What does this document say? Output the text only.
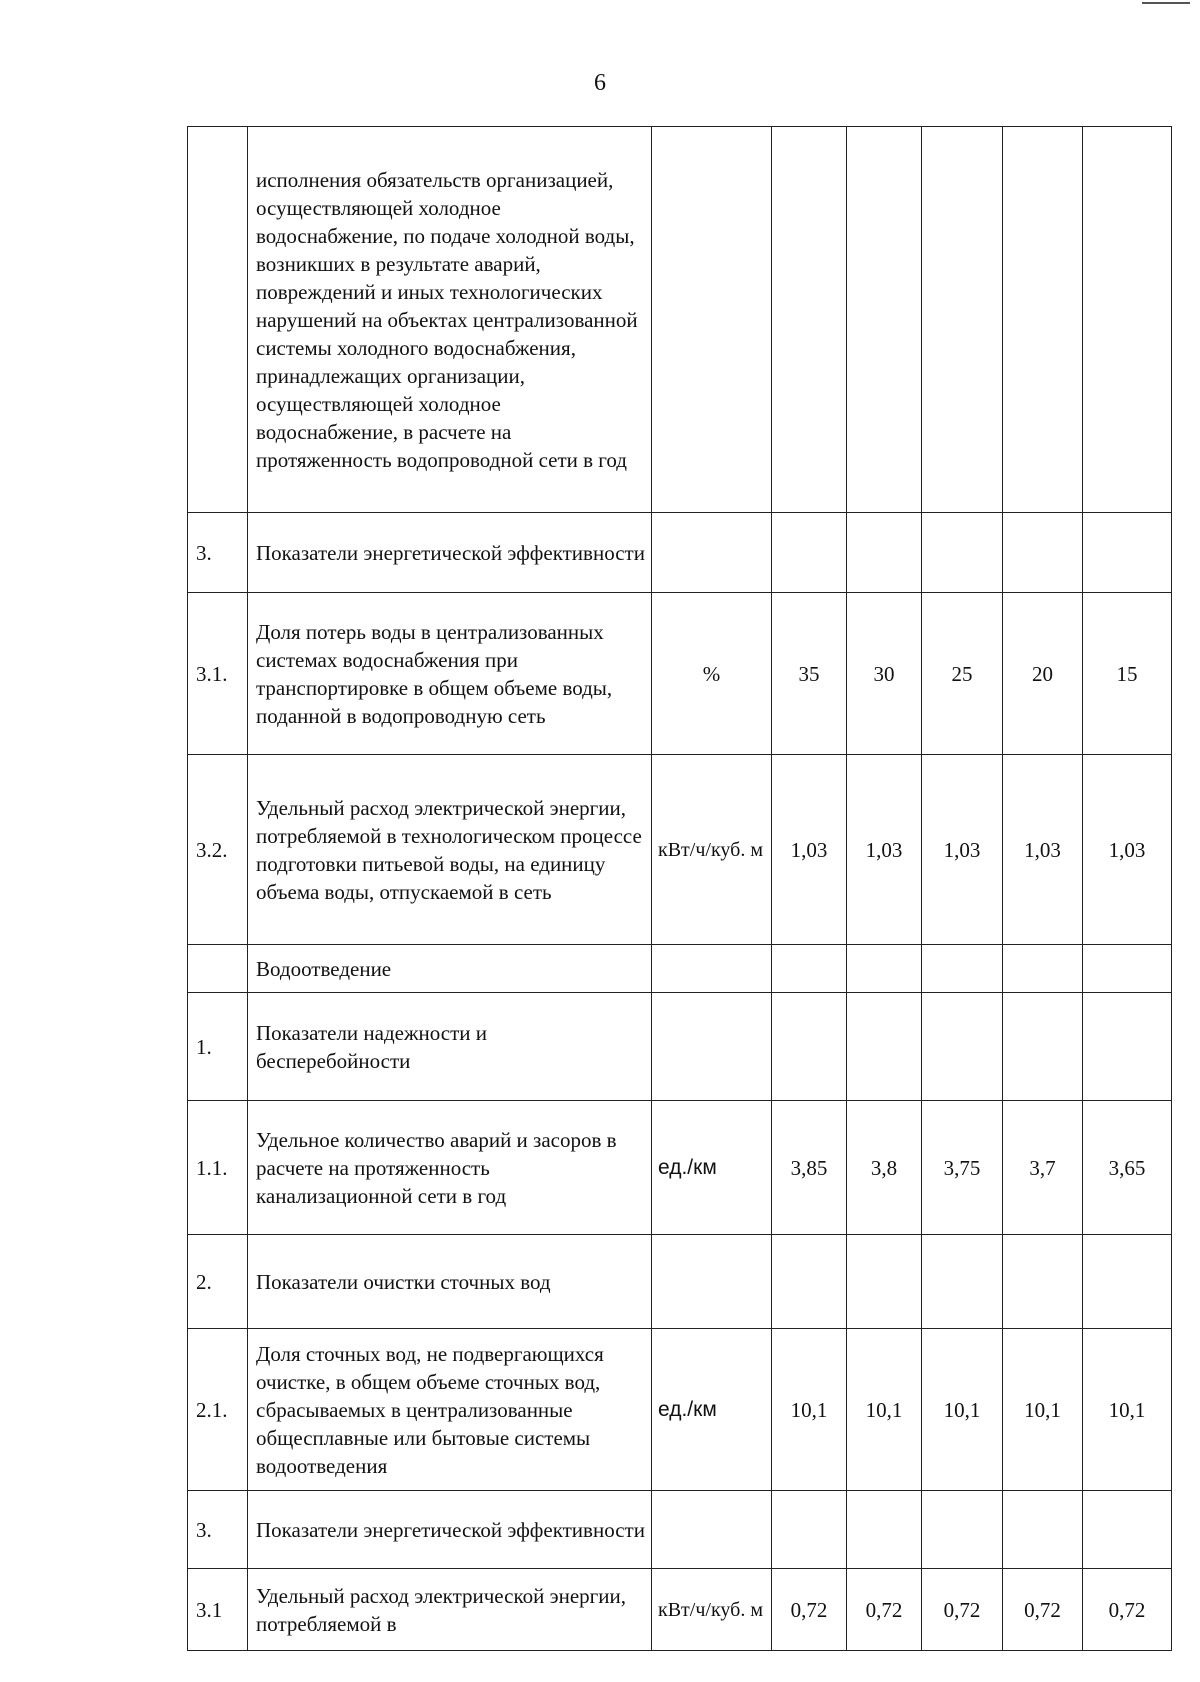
6
	исполнения обязательств организацией, осуществляющей холодное водоснабжение, по подаче холодной воды, возникших в результате аварий, повреждений и иных технологических нарушений на объектах централизованной системы холодного водоснабжения, принадлежащих организации, осуществляющей холодное водоснабжение, в расчете на протяженность водопроводной сети в год						
3.	Показатели энергетической эффективности						
3.1.	Доля потерь воды в централизованных системах водоснабжения при транспортировке в общем объеме воды, поданной в водопроводную сеть	%	35	30	25	20	15
3.2.	Удельный расход электрической энергии, потребляемой в технологическом процессе подготовки питьевой воды, на единицу объема воды, отпускаемой в сеть	кВт/ч/куб. м	1,03	1,03	1,03	1,03	1,03
	Водоотведение						
1.	Показатели надежности и бесперебойности						
1.1.	Удельное количество аварий и засоров в расчете на протяженность канализационной сети в год	ед./км	3,85	3,8	3,75	3,7	3,65
2.	Показатели очистки сточных вод						
2.1.	Доля сточных вод, не подвергающихся очистке, в общем объеме сточных вод, сбрасываемых в централизованные общесплавные или бытовые системы водоотведения	ед./км	10,1	10,1	10,1	10,1	10,1
3.	Показатели энергетической эффективности						
3.1	Удельный расход электрической энергии, потребляемой в	кВт/ч/куб. м	0,72	0,72	0,72	0,72	0,72
